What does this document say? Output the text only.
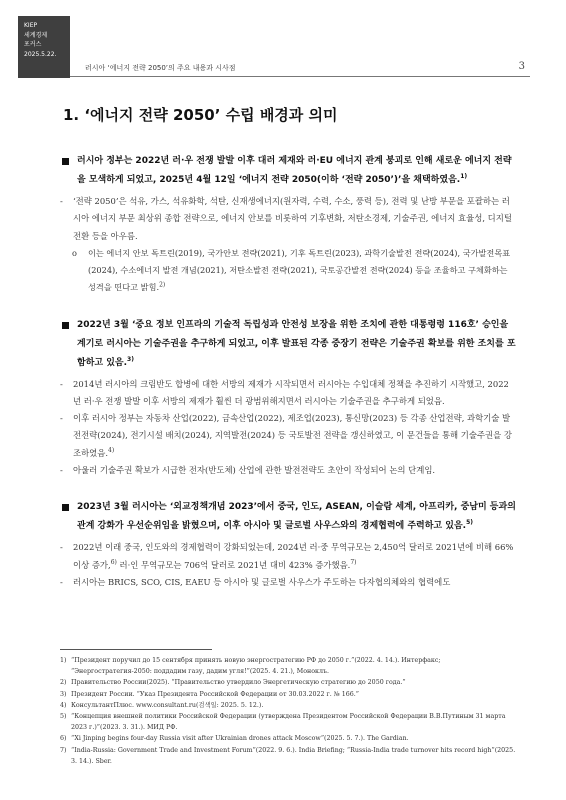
KIEP
세계경제
포커스
2025.5.22.
러시아 ‘에너지 전략 2050’의 주요 내용과 시사점	3
1. ‘에너지 전략 2050’ 수립 배경과 의미

러시아 정부는 2022년 러·우 전쟁 발발 이후 대러 제재와 러·EU 에너지 관계 붕괴로 인해 새로운 에너지 전략을 모색하게 되었고, 2025년 4월 12일 ‘에너지 전략 2050(이하 ‘전략 2050’)’을 채택하였음.$^{1)}$

- ‘전략 2050’은 석유, 가스, 석유화학, 석탄, 신재생에너지(원자력, 수력, 수소, 풍력 등), 전력 및 난방 부문을 포괄하는 러시아 에너지 부문 최상위 종합 전략으로, 에너지 안보를 비롯하여 기후변화, 저탄소경제, 기술주권, 에너지 효율성, 디지털 전환 등을 아우름.

o 이는 에너지 안보 독트린(2019), 국가안보 전략(2021), 기후 독트린(2023), 과학기술발전 전략(2024), 국가발전목표(2024), 수소에너지 발전 개념(2021), 저탄소발전 전략(2021), 국토공간발전 전략(2024) 등을 조율하고 구체화하는 성격을 띤다고 밝힘.$^{2)}$

2022년 3월 ‘중요 정보 인프라의 기술적 독립성과 안전성 보장을 위한 조치에 관한 대통령령 116호’ 승인을 계기로 러시아는 기술주권을 추구하게 되었고, 이후 발표된 각종 중장기 전략은 기술주권 확보를 위한 조치를 포함하고 있음.$^{3)}$

- 2014년 러시아의 크림반도 합병에 대한 서방의 제재가 시작되면서 러시아는 수입대체 정책을 추진하기 시작했고, 2022년 러·우 전쟁 발발 이후 서방의 제재가 훨씬 더 광범위해지면서 러시아는 기술주권을 추구하게 되었음.

- 이후 러시아 정부는 자동차 산업(2022), 금속산업(2022), 제조업(2023), 통신망(2023) 등 각종 산업전략, 과학기술 발전전략(2024), 전기시설 배치(2024), 지역발전(2024) 등 국토발전 전략을 갱신하였고, 이 문건들을 통해 기술주권을 강조하였음.$^{4)}$

- 아울러 기술주권 확보가 시급한 전자(반도체) 산업에 관한 발전전략도 초안이 작성되어 논의 단계임.

2023년 3월 러시아는 ‘외교정책개념 2023’에서 중국, 인도, ASEAN, 이슬람 세계, 아프리카, 중남미 등과의 관계 강화가 우선순위임을 밝혔으며, 이후 아시아 및 글로벌 사우스와의 경제협력에 주력하고 있음.$^{5)}$

- 2022년 이래 중국, 인도와의 경제협력이 강화되었는데, 2024년 러·중 무역규모는 2,450억 달러로 2021년에 비해 66% 이상 증가,$^{6)}$ 러·인 무역규모는 706억 달러로 2021년 대비 423% 증가했음.$^{7)}$

- 러시아는 BRICS, SCO, CIS, EAEU 등 아시아 및 글로벌 사우스가 주도하는 다자협의체와의 협력에도

1) “Президент поручил до 15 сентября принять новую энергостратегию РФ до 2050 г.”(2022. 4. 14.). Интерфакс; “Энергостратегия-2050: поддадим газу, дадим угля!”(2025. 4. 21.), Моноклъ.
2) Правительство России(2025). “Правительство утвердило Энергетическую стратегию до 2050 года.”
3) Президент России. “Указ Президента Российской Федерации от 30.03.2022 г. № 166.”
4) КонсультантПлюс. www.consultant.ru(검색일: 2025. 5. 12.).
5) “Концепция внешней политики Российской Федерации (утверждена Президентом Российской Федерации В.В.Путиным 31 марта 2023 г.)”(2023. 3. 31.). МИД РФ.
6) “Xi Jinping begins four-day Russia visit after Ukrainian drones attack Moscow”(2025. 5. 7.). The Gardian.
7) “India-Russia: Government Trade and Investment Forum”(2022. 9. 6.). India Briefing; “Russia-India trade turnover hits record high”(2025. 3. 14.). Sber.
